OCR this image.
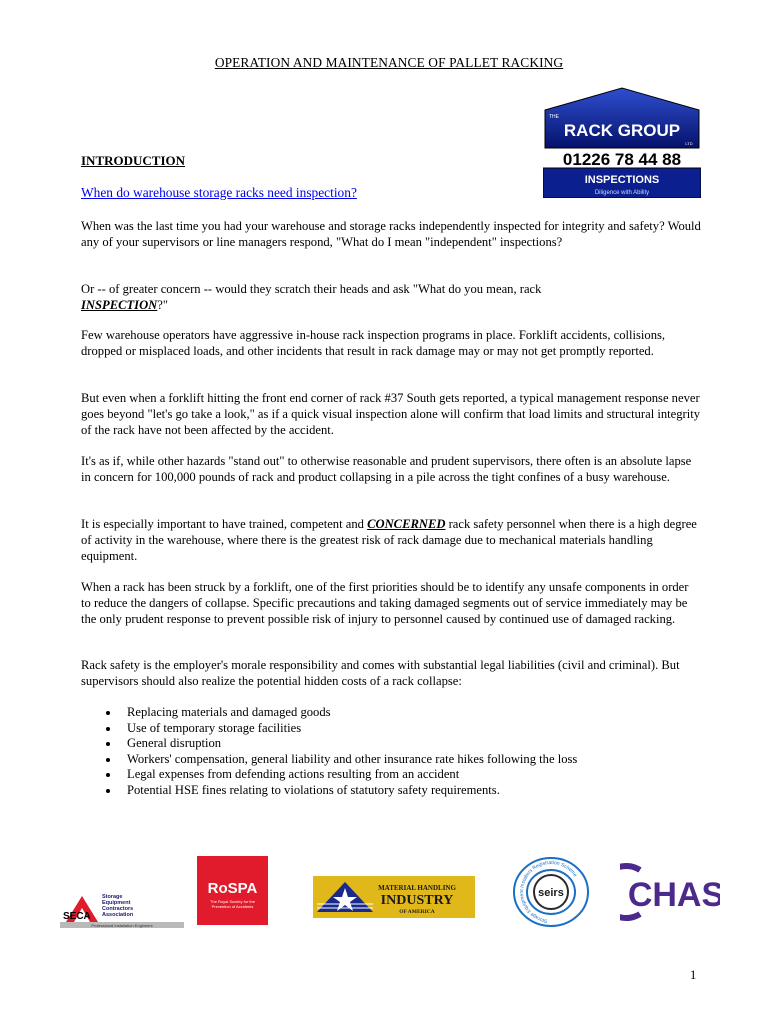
OPERATION AND MAINTENANCE OF PALLET RACKING
THE
RACK GROUP
LTD
01226 78 44 88
INSPECTIONS
Diligence with Ability
INTRODUCTION
When do warehouse storage racks need inspection?

When was the last time you had your warehouse and storage racks independently inspected for integrity and safety? Would any of your supervisors or line managers respond, "What do I mean "independent" inspections?

Or -- of greater concern -- would they scratch their heads and ask "What do you mean, rack
INSPECTION?"

Few warehouse operators have aggressive in-house rack inspection programs in place. Forklift accidents, collisions, dropped or misplaced loads, and other incidents that result in rack damage may or may not get promptly reported.

But even when a forklift hitting the front end corner of rack #37 South gets reported, a typical management response never goes beyond "let's go take a look," as if a quick visual inspection alone will confirm that load limits and structural integrity of the rack have not been affected by the accident.

It's as if, while other hazards "stand out" to otherwise reasonable and prudent supervisors, there often is an absolute lapse in concern for 100,000 pounds of rack and product collapsing in a pile across the tight confines of a busy warehouse.

It is especially important to have trained, competent and CONCERNED rack safety personnel when there is a high degree of activity in the warehouse, where there is the greatest risk of rack damage due to mechanical materials handling equipment.

When a rack has been struck by a forklift, one of the first priorities should be to identify any unsafe components in order to reduce the dangers of collapse. Specific precautions and taking damaged segments out of service immediately may be the only prudent response to prevent possible risk of injury to personnel caused by continued use of damaged racking.

Rack safety is the employer's morale responsibility and comes with substantial legal liabilities (civil and criminal). But supervisors should also realize the potential hidden costs of a rack collapse:

Replacing materials and damaged goods
Use of temporary storage facilities
General disruption
Workers' compensation, general liability and other insurance rate hikes following the loss
Legal expenses from defending actions resulting from an accident
Potential HSE fines relating to violations of statutory safety requirements.
SECA
Storage
Equipment
Contractors
Association
Professional Installation Engineers
RoSPA
The Royal Society for the
Prevention of Accidents
MATERIAL HANDLING
INDUSTRY
OF AMERICA
Storage Equipment Installers Registration Scheme
seirs CHAS
1
